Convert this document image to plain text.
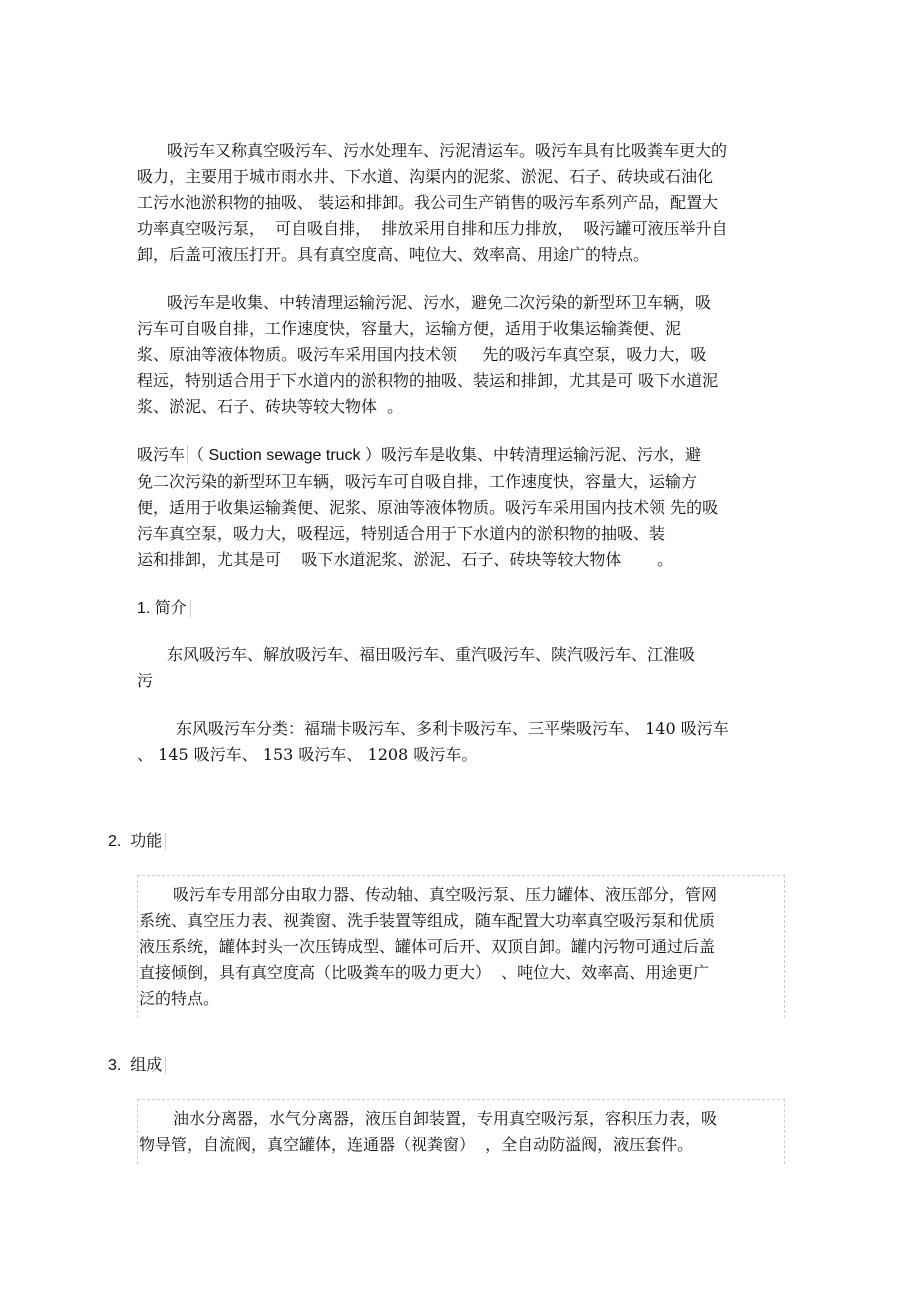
吸污车又称真空吸污车、污水处理车、污泥清运车。吸污车具有比吸粪车更大的
吸力，主要用于城市雨水井、下水道、沟渠内的泥浆、淤泥、石子、砖块或石油化
工污水池淤积物的抽吸、 装运和排卸。我公司生产销售的吸污车系列产品，配置大
功率真空吸污泵，  可自吸自排，  排放采用自排和压力排放，  吸污罐可液压举升自
卸，后盖可液压打开。具有真空度高、吨位大、效率高、用途广的特点。
吸污车是收集、中转清理运输污泥、污水，避免二次污染的新型环卫车辆，吸
污车可自吸自排，工作速度快，容量大，运输方便，适用于收集运输粪便、泥
浆、原油等液体物质。吸污车采用国内技术领     先的吸污车真空泵，吸力大，吸
程远，特别适合用于下水道内的淤积物的抽吸、装运和排卸，尤其是可 吸下水道泥
浆、淤泥、石子、砖块等较大物体  。
吸污车 （ Suction sewage truck ）吸污车是收集、中转清理运输污泥、污水，避
免二次污染的新型环卫车辆，吸污车可自吸自排，工作速度快，容量大，运输方
便，适用于收集运输粪便、泥浆、原油等液体物质。吸污车采用国内技术领 先的吸
污车真空泵，吸力大，吸程远，特别适合用于下水道内的淤积物的抽吸、装
运和排卸，尤其是可    吸下水道泥浆、淤泥、石子、砖块等较大物体       。
1. 简介
东风吸污车、解放吸污车、福田吸污车、重汽吸污车、陕汽吸污车、江淮吸
污
东风吸污车分类：福瑞卡吸污车、多利卡吸污车、三平柴吸污车、 140 吸污车
、 145 吸污车、 153 吸污车、 1208 吸污车。
2.  功能
吸污车专用部分由取力器、传动轴、真空吸污泵、压力罐体、液压部分，管网
系统、真空压力表、视粪窗、洗手装置等组成，随车配置大功率真空吸污泵和优质
液压系统，罐体封头一次压铸成型、罐体可后开、双顶自卸。罐内污物可通过后盖
直接倾倒，具有真空度高（比吸粪车的吸力更大）  、吨位大、效率高、用途更广
泛的特点。
3.  组成
油水分离器，水气分离器，液压自卸装置，专用真空吸污泵，容积压力表，吸
物导管，自流阀，真空罐体，连通器（视粪窗）  ，全自动防溢阀，液压套件。
